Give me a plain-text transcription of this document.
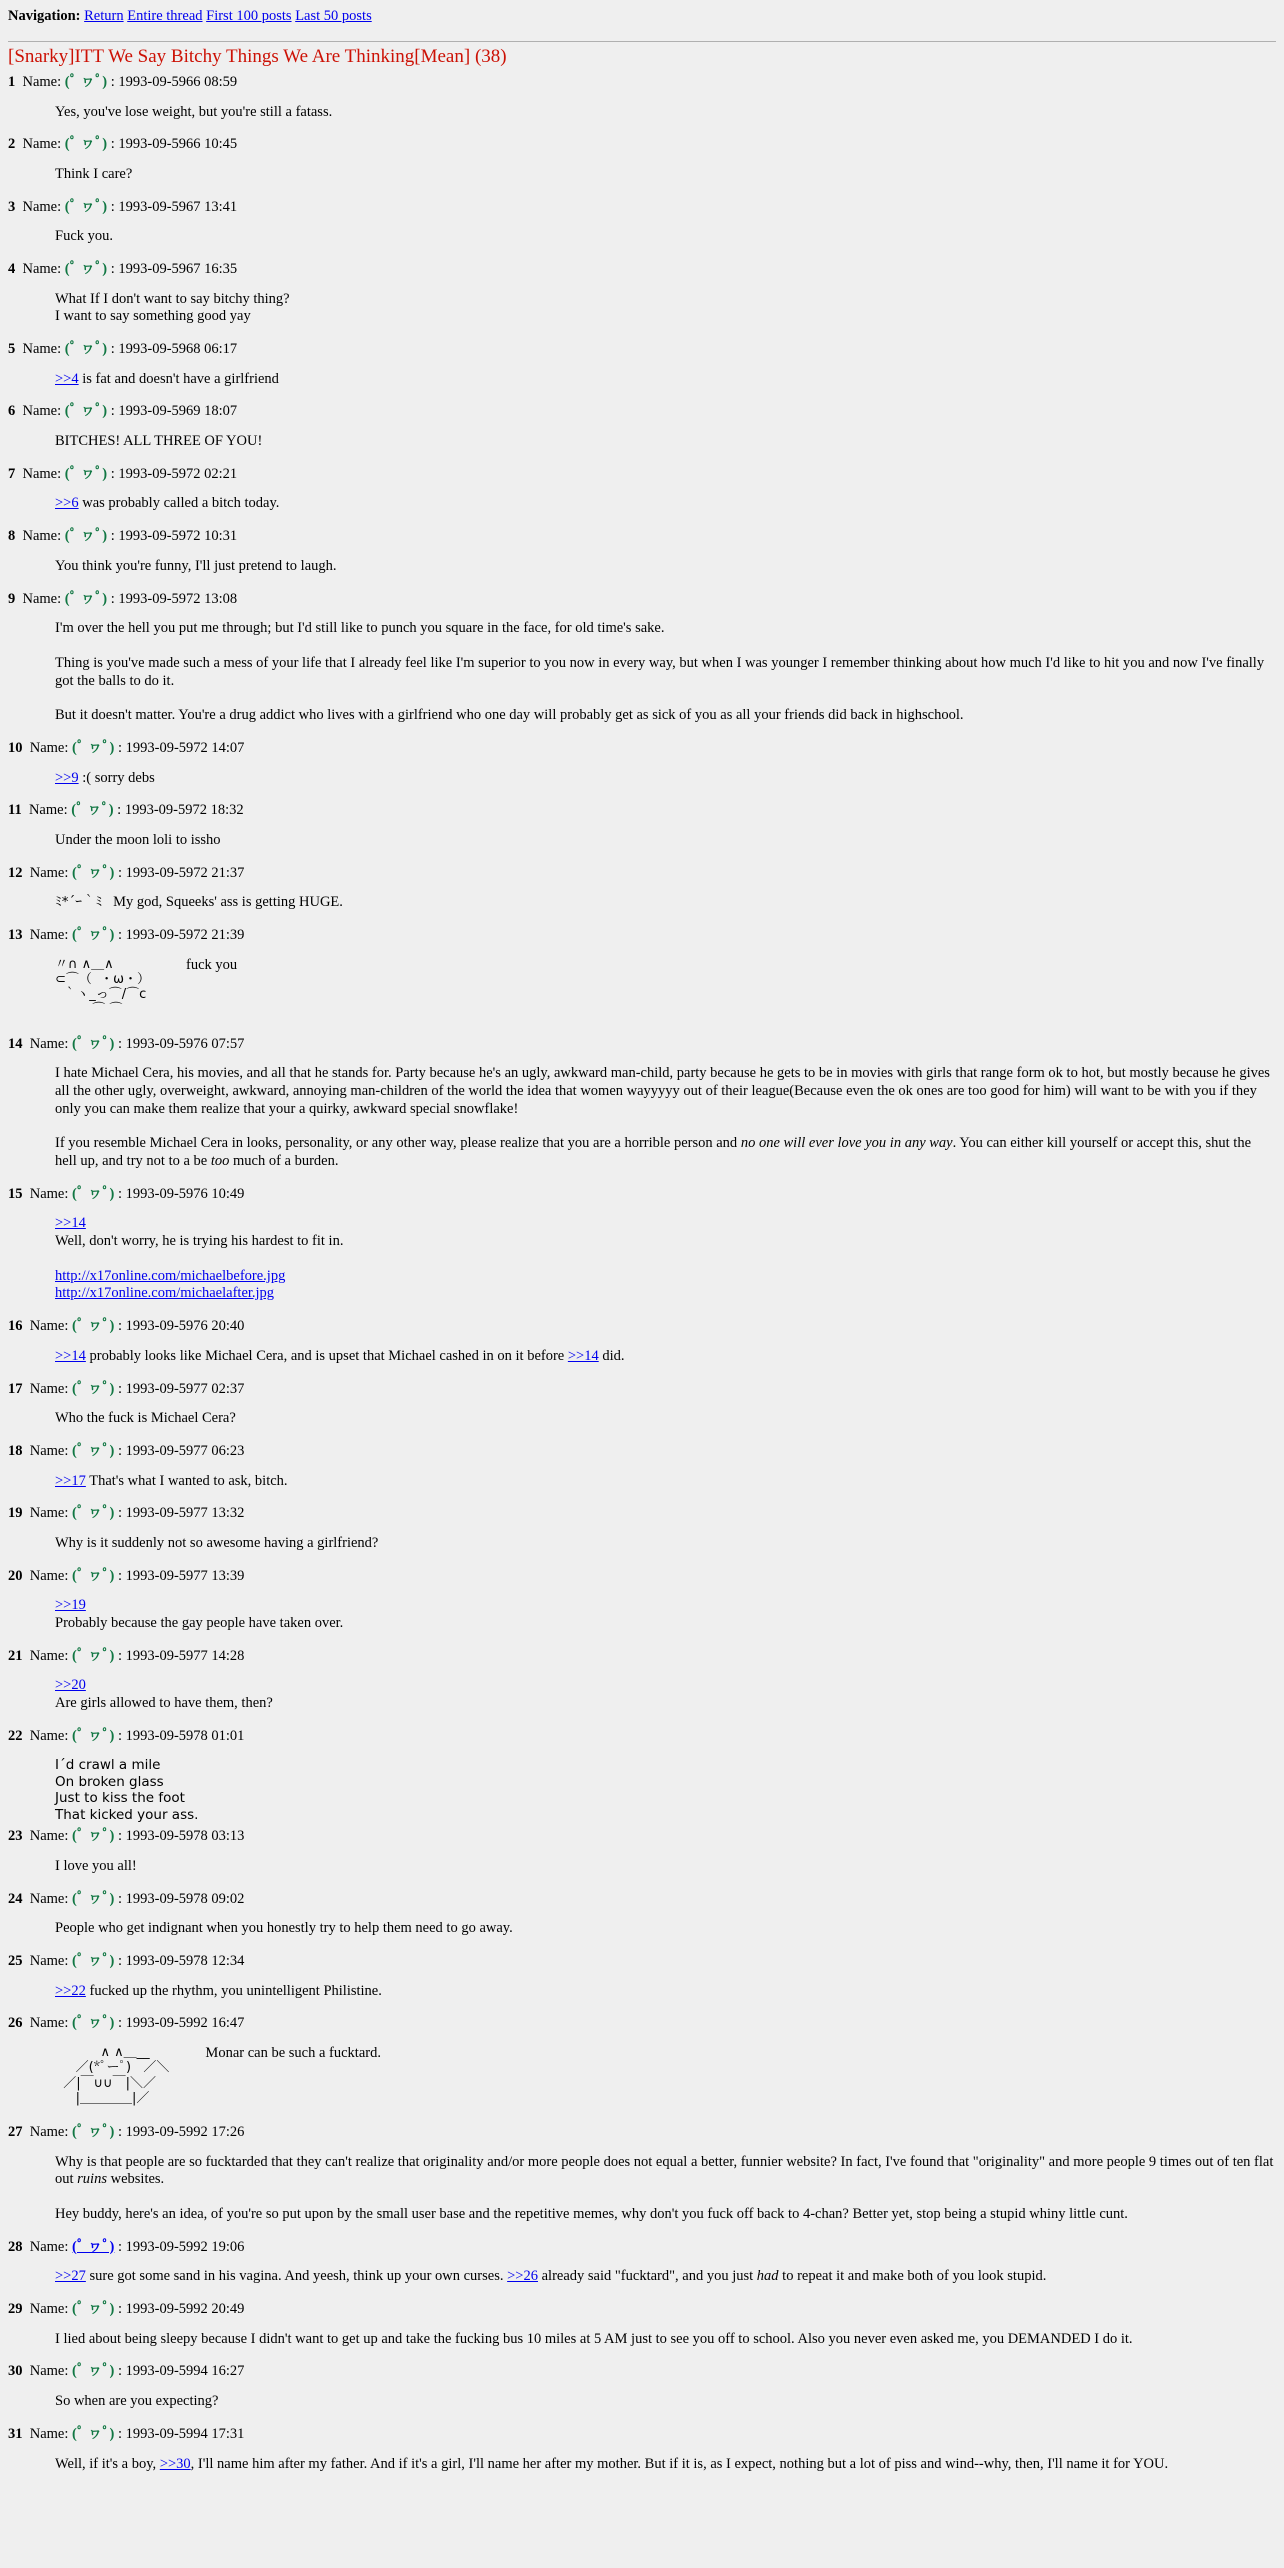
Navigation: Return Entire thread First 100 posts Last 50 posts
[Snarky]ITT We Say Bitchy Things We Are Thinking[Mean] (38)
1 Name: (ﾟ ヮﾟ) : 1993-09-5966 08:59
Yes, you've lose weight, but you're still a fatass.
2 Name: (ﾟ ヮﾟ) : 1993-09-5966 10:45
Think I care?
3 Name: (ﾟ ヮﾟ) : 1993-09-5967 13:41
Fuck you.
4 Name: (ﾟ ヮﾟ) : 1993-09-5967 16:35
What If I don't want to say bitchy thing?
I want to say something good yay
5 Name: (ﾟ ヮﾟ) : 1993-09-5968 06:17
>>4 is fat and doesn't have a girlfriend
6 Name: (ﾟ ヮﾟ) : 1993-09-5969 18:07
BITCHES! ALL THREE OF YOU!
7 Name: (ﾟ ヮﾟ) : 1993-09-5972 02:21
>>6 was probably called a bitch today.
8 Name: (ﾟ ヮﾟ) : 1993-09-5972 10:31
You think you're funny, I'll just pretend to laugh.
9 Name: (ﾟ ヮﾟ) : 1993-09-5972 13:08

I'm over the hell you put me through; but I'd still like to punch you square in the face, for old time's sake.

Thing is you've made such a mess of your life that I already feel like I'm superior to you now in every way, but when I was younger I remember thinking about how much I'd like to hit you and now I've finally got the balls to do it.

But it doesn't matter. You're a drug addict who lives with a girlfriend who one day will probably get as sick of you as all your friends did back in highschool.

10 Name: (ﾟ ヮﾟ) : 1993-09-5972 14:07
>>9 :( sorry debs
11 Name: (ﾟ ヮﾟ) : 1993-09-5972 18:32
Under the moon loli to issho
12 Name: (ﾟ ヮﾟ) : 1993-09-5972 21:37
ﾐ*´ｰ｀ﾐ My god, Squeeks' ass is getting HUGE.
13 Name: (ﾟ ヮﾟ) : 1993-09-5972 21:39
〃∩ ∧＿∧
⊂⌒（  ・ω・）
｀ヽ_っ⌒/⌒c
⌒ ⌒
fuck you
14 Name: (ﾟ ヮﾟ) : 1993-09-5976 07:57

I hate Michael Cera, his movies, and all that he stands for. Party because he's an ugly, awkward man-child, party because he gets to be in movies with girls that range form ok to hot, but mostly because he gives all the other ugly, overweight, awkward, annoying man-children of the world the idea that women wayyyyy out of their league(Because even the ok ones are too good for him) will want to be with you if they only you can make them realize that your a quirky, awkward special snowflake!

If you resemble Michael Cera in looks, personality, or any other way, please realize that you are a horrible person and no one will ever love you in any way. You can either kill yourself or accept this, shut the hell up, and try not to a be too much of a burden.

15 Name: (ﾟ ヮﾟ) : 1993-09-5976 10:49

>>14
Well, don't worry, he is trying his hardest to fit in.

http://x17online.com/michaelbefore.jpg
http://x17online.com/michaelafter.jpg

16 Name: (ﾟ ヮﾟ) : 1993-09-5976 20:40
>>14 probably looks like Michael Cera, and is upset that Michael cashed in on it before >>14 did.
17 Name: (ﾟ ヮﾟ) : 1993-09-5977 02:37
Who the fuck is Michael Cera?
18 Name: (ﾟ ヮﾟ) : 1993-09-5977 06:23
>>17 That's what I wanted to ask, bitch.
19 Name: (ﾟ ヮﾟ) : 1993-09-5977 13:32
Why is it suddenly not so awesome having a girlfriend?
20 Name: (ﾟ ヮﾟ) : 1993-09-5977 13:39
>>19
Probably because the gay people have taken over.
21 Name: (ﾟ ヮﾟ) : 1993-09-5977 14:28
>>20
Are girls allowed to have them, then?
22 Name: (ﾟ ヮﾟ) : 1993-09-5978 01:01
I´d crawl a mile
On broken glass
Just to kiss the foot
That kicked your ass.
23 Name: (ﾟ ヮﾟ) : 1993-09-5978 03:13
I love you all!
24 Name: (ﾟ ヮﾟ) : 1993-09-5978 09:02
People who get indignant when you honestly try to help them need to go away.
25 Name: (ﾟ ヮﾟ) : 1993-09-5978 12:34
>>22 fucked up the rhythm, you unintelligent Philistine.
26 Name: (ﾟ ヮﾟ) : 1993-09-5992 16:47
∧ ∧＿__
／(*ﾟーﾟ)   ／＼
／|￣∪∪￣|＼／
|＿＿＿＿|／
Monar can be such a fucktard.
27 Name: (ﾟ ヮﾟ) : 1993-09-5992 17:26

Why is that people are so fucktarded that they can't realize that originality and/or more people does not equal a better, funnier website? In fact, I've found that "originality" and more people 9 times out of ten flat out ruins websites.

Hey buddy, here's an idea, of you're so put upon by the small user base and the repetitive memes, why don't you fuck off back to 4-chan? Better yet, stop being a stupid whiny little cunt.

28 Name: (ﾟ ヮﾟ) : 1993-09-5992 19:06
>>27 sure got some sand in his vagina. And yeesh, think up your own curses. >>26 already said "fucktard", and you just had to repeat it and make both of you look stupid.
29 Name: (ﾟ ヮﾟ) : 1993-09-5992 20:49
I lied about being sleepy because I didn't want to get up and take the fucking bus 10 miles at 5 AM just to see you off to school. Also you never even asked me, you DEMANDED I do it.
30 Name: (ﾟ ヮﾟ) : 1993-09-5994 16:27
So when are you expecting?
31 Name: (ﾟ ヮﾟ) : 1993-09-5994 17:31
Well, if it's a boy, >>30, I'll name him after my father. And if it's a girl, I'll name her after my mother. But if it is, as I expect, nothing but a lot of piss and wind--why, then, I'll name it for YOU.
